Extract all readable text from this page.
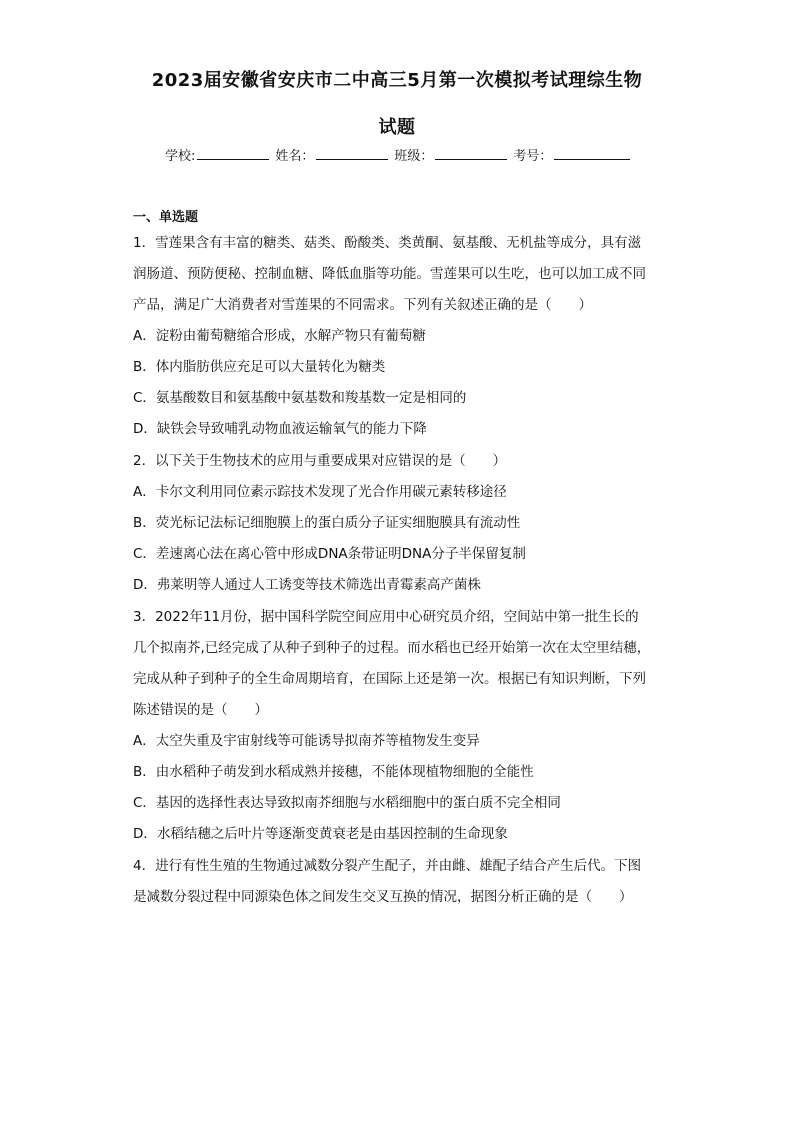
2023届安徽省安庆市二中高三5月第一次模拟考试理综生物
试题
学校:	姓名：	班级：	考号：
一、单选题
1．雪莲果含有丰富的糖类、菇类、酚酸类、类黄酮、氨基酸、无机盐等成分，具有滋
润肠道、预防便秘、控制血糖、降低血脂等功能。雪莲果可以生吃，也可以加工成不同
产品，满足广大消费者对雪莲果的不同需求。下列有关叙述正确的是（　　）
A．淀粉由葡萄糖缩合形成，水解产物只有葡萄糖
B．体内脂肪供应充足可以大量转化为糖类
C．氨基酸数目和氨基酸中氨基数和羧基数一定是相同的
D．缺铁会导致哺乳动物血液运输氧气的能力下降
2．以下关于生物技术的应用与重要成果对应错误的是（　　）
A．卡尔文利用同位素示踪技术发现了光合作用碳元素转移途径
B．荧光标记法标记细胞膜上的蛋白质分子证实细胞膜具有流动性
C．差速离心法在离心管中形成DNA条带证明DNA分子半保留复制
D．弗莱明等人通过人工诱变等技术筛选出青霉素高产菌株
3．2022年11月份，据中国科学院空间应用中心研究员介绍，空间站中第一批生长的
几个拟南芥,已经完成了从种子到种子的过程。而水稻也已经开始第一次在太空里结穗，
完成从种子到种子的全生命周期培育，在国际上还是第一次。根据已有知识判断，下列
陈述错误的是（　　）
A．太空失重及宇宙射线等可能诱导拟南芥等植物发生变异
B．由水稻种子萌发到水稻成熟并接穗，不能体现植物细胞的全能性
C．基因的选择性表达导致拟南芥细胞与水稻细胞中的蛋白质不完全相同
D．水稻结穗之后叶片等逐渐变黄衰老是由基因控制的生命现象
4．进行有性生殖的生物通过减数分裂产生配子，并由雌、雄配子结合产生后代。下图
是减数分裂过程中同源染色体之间发生交叉互换的情况，据图分析正确的是（　　）
